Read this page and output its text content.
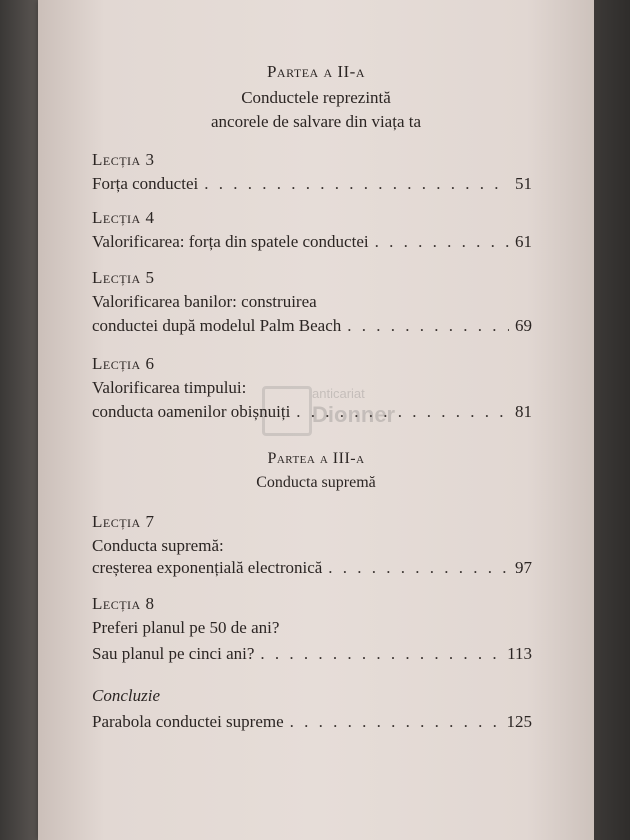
anticariat
Dionner
Partea a II-a
Conductele reprezintă
ancorele de salvare din viața ta
Lecția 3
Forța conductei . . .	51
Lecția 4
Valorificarea: forța din spatele conductei . . .	61
Lecția 5
Valorificarea banilor: construirea
conductei după modelul Palm Beach . . .	69
Lecția 6
Valorificarea timpului:
conducta oamenilor obișnuiți . . .	81
Partea a III-a
Conducta supremă
Lecția 7
Conducta supremă:
creșterea exponențială electronică . . .	97
Lecția 8
Preferi planul pe 50 de ani?
Sau planul pe cinci ani? . . .	113
Concluzie
Parabola conductei supreme . . .	125
